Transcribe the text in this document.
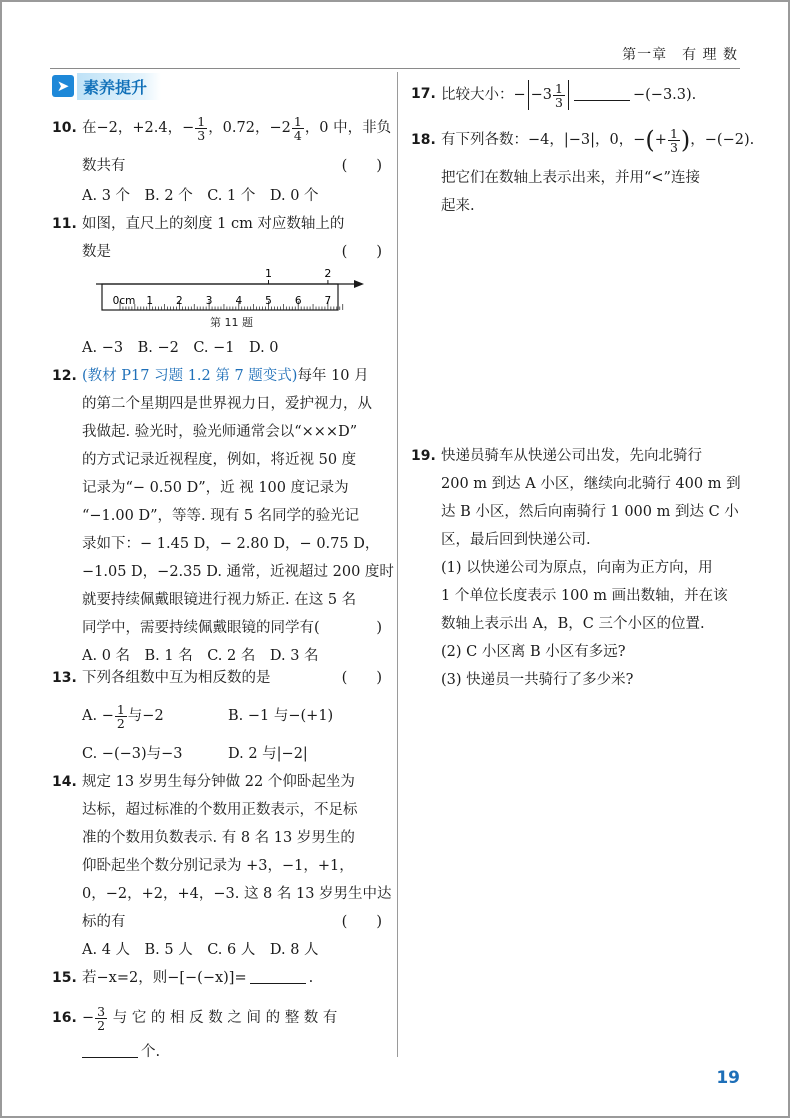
第一章　有 理 数
➤ 素养提升
10. 在−2，+2.4，− $\frac{1}{3}$ ，0.72，$-2 \frac{1}{4}$ ，0 中，非负
数共有	(　　)
A. 3 个　B. 2 个　C. 1 个　D. 0 个
11. 如图，直尺上的刻度 1 cm 对应数轴上的
数是	(　　)
0cm 1 2 3 4 5 6 7
1	2
第 11 题
A. −3　B. −2　C. −1　D. 0
12. (教材 P17 习题 1.2 第 7 题变式)每年 10 月
的第二个星期四是世界视力日，爱护视力，从
我做起. 验光时，验光师通常会以“×××D”
的方式记录近视程度，例如，将近视 50 度
记录为“− 0.50 D”，近 视 100 度记录为
“−1.00 D”，等等. 现有 5 名同学的验光记
录如下：− 1.45 D，− 2.80 D，− 0.75 D，
−1.05 D，−2.35 D. 通常，近视超过 200 度时
就要持续佩戴眼镜进行视力矫正. 在这 5 名
同学中，需要持续佩戴眼镜的同学有( 　　)
A. 0 名　B. 1 名　C. 2 名　D. 3 名
13. 下列各组数中互为相反数的是	(　　)
A. − $\frac{1}{2}$ 与−2	B. −1 与−(+1)
C. −(−3)与−3	D. 2 与|−2|
14. 规定 13 岁男生每分钟做 22 个仰卧起坐为
达标，超过标准的个数用正数表示，不足标
准的个数用负数表示. 有 8 名 13 岁男生的
仰卧起坐个数分别记录为 +3，−1，+1，
0，−2，+2，+4，−3. 这 8 名 13 岁男生中达
标的有	(　　)
A. 4 人　B. 5 人　C. 6 人　D. 8 人
15. 若−x=2，则−[−(−x)]=	.
16. − $\frac{3}{2}$ 与 它 的 相 反 数 之 间 的 整 数 有
个.
17. 比较大小：− $-3 \frac{1}{3}$	−(−3.3).
18. 有下列各数：−4，|−3|，0，−(+ $\frac{1}{3}$ )，−(−2).
把它们在数轴上表示出来，并用“<”连接
起来.
19. 快递员骑车从快递公司出发，先向北骑行
200 m 到达 A 小区，继续向北骑行 400 m 到
达 B 小区，然后向南骑行 1 000 m 到达 C 小
区，最后回到快递公司.
(1) 以快递公司为原点，向南为正方向，用
1 个单位长度表示 100 m 画出数轴，并在该
数轴上表示出 A，B，C 三个小区的位置.
(2) C 小区离 B 小区有多远?
(3) 快递员一共骑行了多少米?
19
